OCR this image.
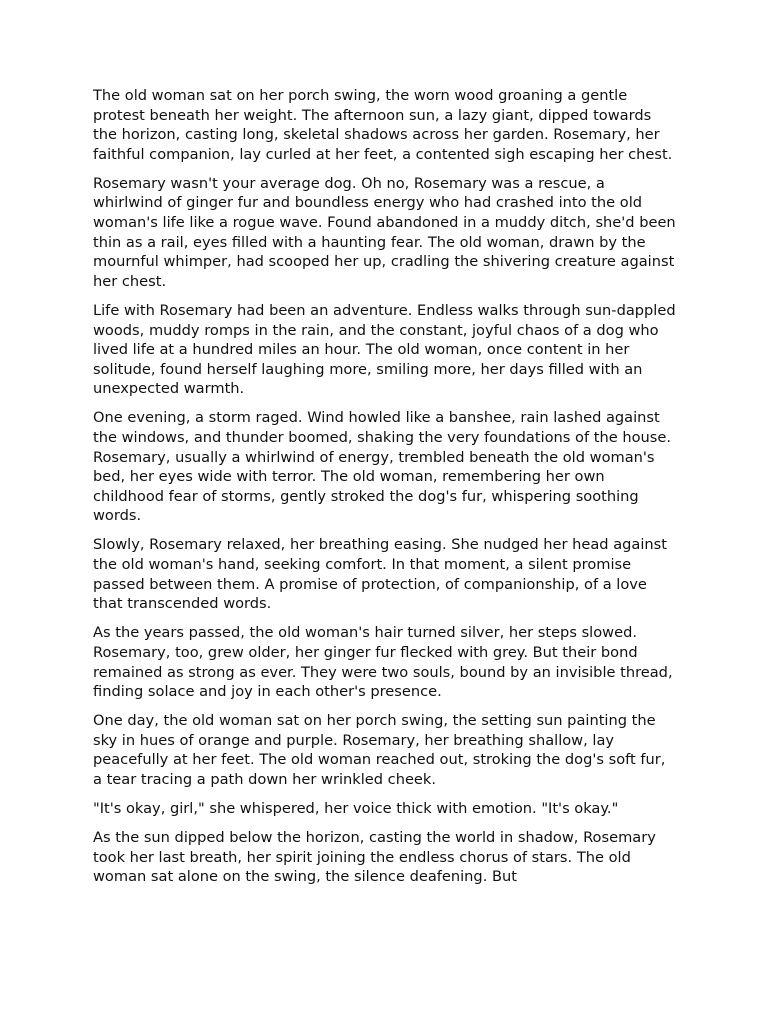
The old woman sat on her porch swing, the worn wood groaning a gentle protest beneath her weight. The afternoon sun, a lazy giant, dipped towards the horizon, casting long, skeletal shadows across her garden. Rosemary, her faithful companion, lay curled at her feet, a contented sigh escaping her chest.

Rosemary wasn't your average dog. Oh no, Rosemary was a rescue, a whirlwind of ginger fur and boundless energy who had crashed into the old woman's life like a rogue wave. Found abandoned in a muddy ditch, she'd been thin as a rail, eyes filled with a haunting fear. The old woman, drawn by the mournful whimper, had scooped her up, cradling the shivering creature against her chest.

Life with Rosemary had been an adventure. Endless walks through sun-dappled woods, muddy romps in the rain, and the constant, joyful chaos of a dog who lived life at a hundred miles an hour. The old woman, once content in her solitude, found herself laughing more, smiling more, her days filled with an unexpected warmth.

One evening, a storm raged. Wind howled like a banshee, rain lashed against the windows, and thunder boomed, shaking the very foundations of the house. Rosemary, usually a whirlwind of energy, trembled beneath the old woman's bed, her eyes wide with terror. The old woman, remembering her own childhood fear of storms, gently stroked the dog's fur, whispering soothing words.

Slowly, Rosemary relaxed, her breathing easing. She nudged her head against the old woman's hand, seeking comfort. In that moment, a silent promise passed between them. A promise of protection, of companionship, of a love that transcended words.

As the years passed, the old woman's hair turned silver, her steps slowed. Rosemary, too, grew older, her ginger fur flecked with grey. But their bond remained as strong as ever. They were two souls, bound by an invisible thread, finding solace and joy in each other's presence.

One day, the old woman sat on her porch swing, the setting sun painting the sky in hues of orange and purple. Rosemary, her breathing shallow, lay peacefully at her feet. The old woman reached out, stroking the dog's soft fur, a tear tracing a path down her wrinkled cheek.

"It's okay, girl," she whispered, her voice thick with emotion. "It's okay."

As the sun dipped below the horizon, casting the world in shadow, Rosemary took her last breath, her spirit joining the endless chorus of stars. The old woman sat alone on the swing, the silence deafening. But
